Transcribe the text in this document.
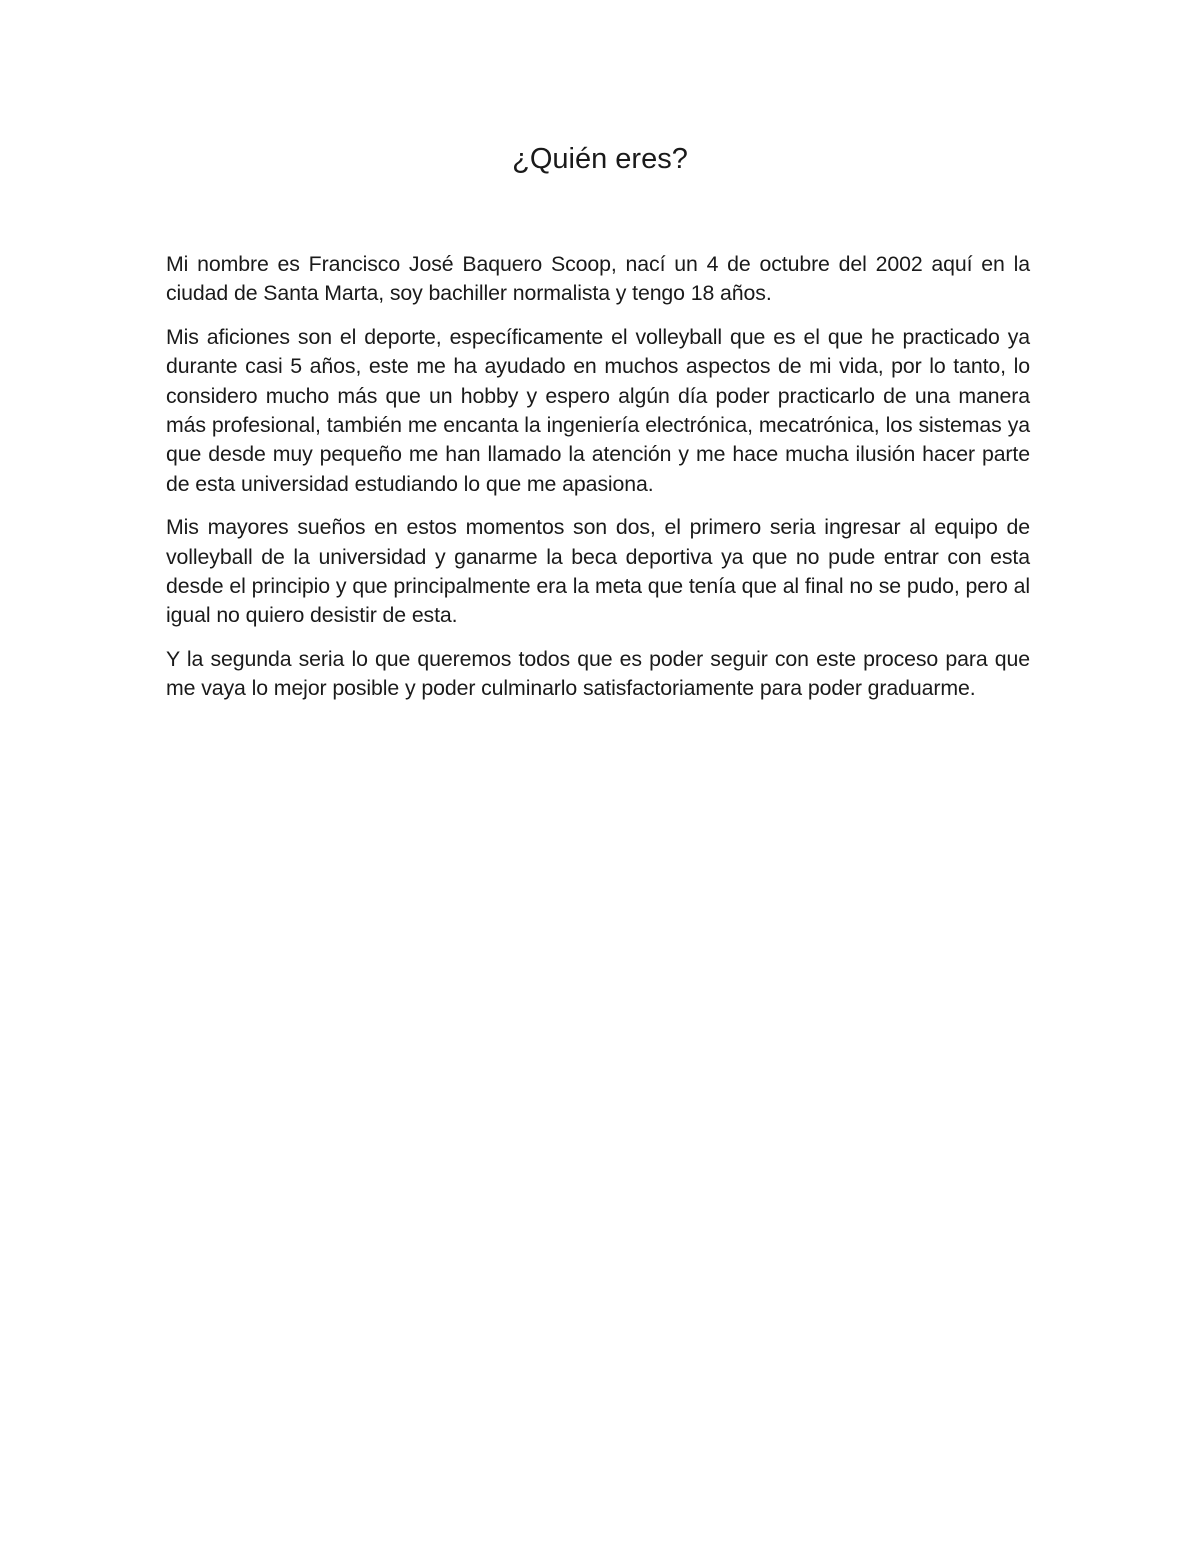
¿Quién eres?

Mi nombre es Francisco José Baquero Scoop, nací un 4 de octubre del 2002 aquí en la ciudad de Santa Marta, soy bachiller normalista y tengo 18 años.

Mis aficiones son el deporte, específicamente el volleyball que es el que he practicado ya durante casi 5 años, este me ha ayudado en muchos aspectos de mi vida, por lo tanto, lo considero mucho más que un hobby y espero algún día poder practicarlo de una manera más profesional, también me encanta la ingeniería electrónica, mecatrónica, los sistemas ya que desde muy pequeño me han llamado la atención y me hace mucha ilusión hacer parte de esta universidad estudiando lo que me apasiona.

Mis mayores sueños en estos momentos son dos, el primero seria ingresar al equipo de volleyball de la universidad y ganarme la beca deportiva ya que no pude entrar con esta desde el principio y que principalmente era la meta que tenía que al final no se pudo, pero al igual no quiero desistir de esta.

Y la segunda seria lo que queremos todos que es poder seguir con este proceso para que me vaya lo mejor posible y poder culminarlo satisfactoriamente para poder graduarme.
